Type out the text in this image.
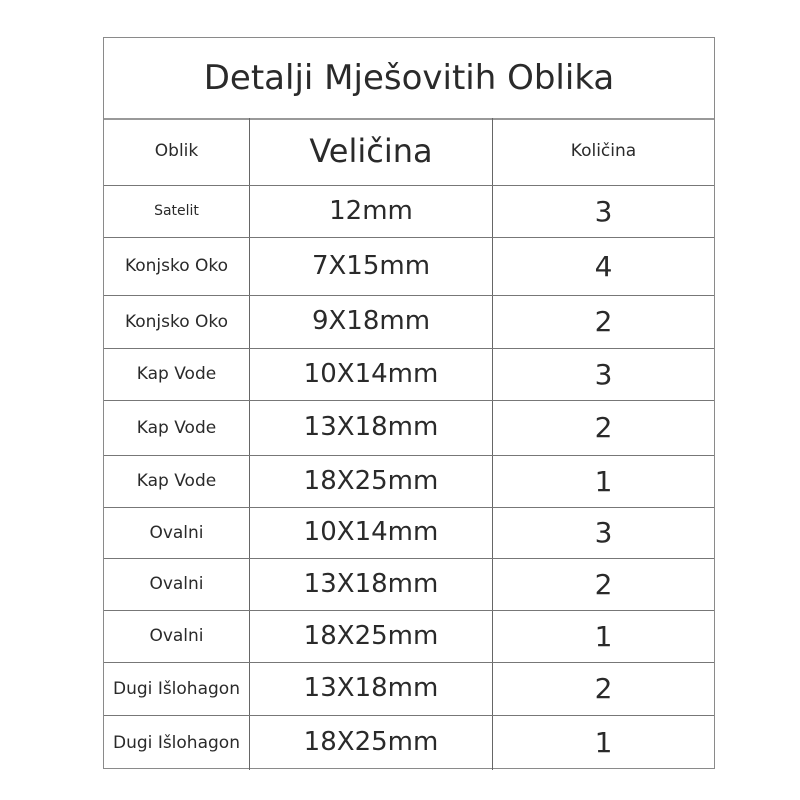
Detalji Mješovitih Oblika
Oblik	Veličina	Količina
Satelit	12mm	3
Konjsko Oko	7X15mm	4
Konjsko Oko	9X18mm	2
Kap Vode	10X14mm	3
Kap Vode	13X18mm	2
Kap Vode	18X25mm	1
Ovalni	10X14mm	3
Ovalni	13X18mm	2
Ovalni	18X25mm	1
Dugi Išlohagon	13X18mm	2
Dugi Išlohagon	18X25mm	1
